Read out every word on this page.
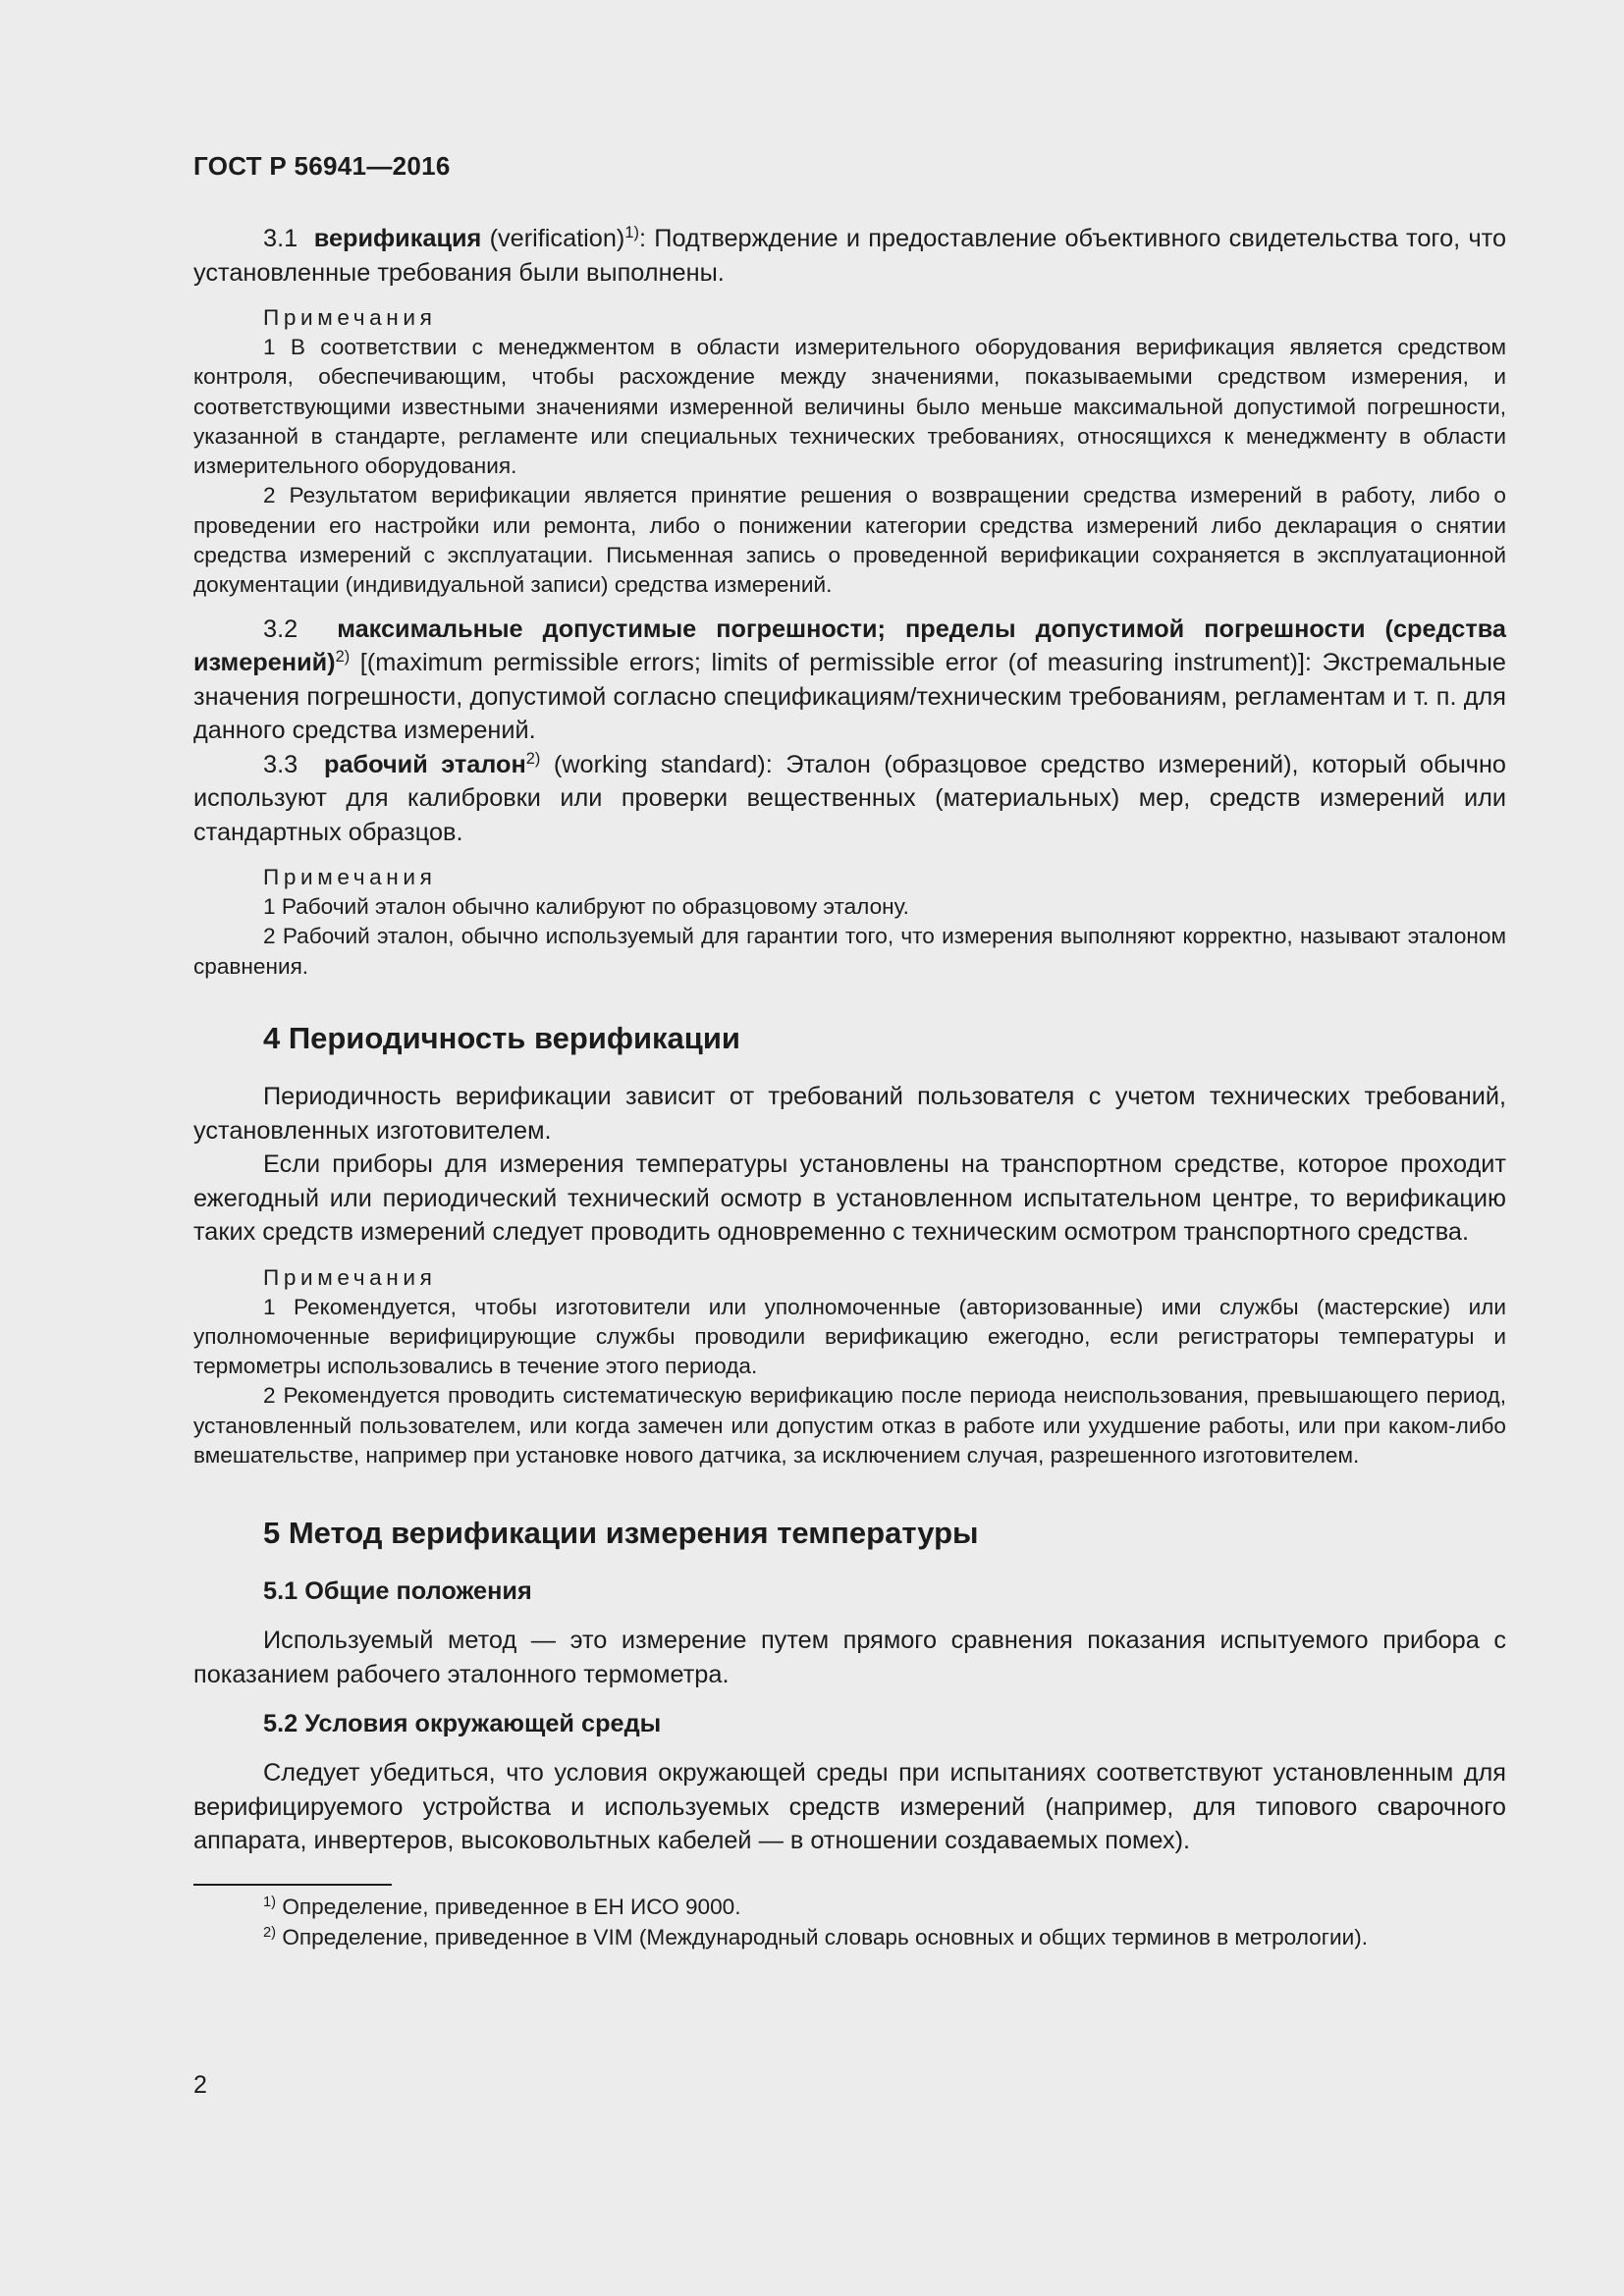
ГОСТ Р 56941—2016

3.1 верификация (verification)$^{1)}$: Подтверждение и предоставление объективного свидетельства того, что установленные требования были выполнены.

Примечания

1 В соответствии с менеджментом в области измерительного оборудования верификация является средством контроля, обеспечивающим, чтобы расхождение между значениями, показываемыми средством измерения, и соответствующими известными значениями измеренной величины было меньше максимальной допустимой погрешности, указанной в стандарте, регламенте или специальных технических требованиях, относящихся к менеджменту в области измерительного оборудования.

2 Результатом верификации является принятие решения о возвращении средства измерений в работу, либо о проведении его настройки или ремонта, либо о понижении категории средства измерений либо декларация о снятии средства измерений с эксплуатации. Письменная запись о проведенной верификации сохраняется в эксплуатационной документации (индивидуальной записи) средства измерений.

3.2 максимальные допустимые погрешности; пределы допустимой погрешности (средства измерений)$^{2)}$ [(maximum permissible errors; limits of permissible error (of measuring instrument)]: Экстремальные значения погрешности, допустимой согласно спецификациям/техническим требованиям, регламентам и т. п. для данного средства измерений.

3.3 рабочий эталон$^{2)}$ (working standard): Эталон (образцовое средство измерений), который обычно используют для калибровки или проверки вещественных (материальных) мер, средств измерений или стандартных образцов.

Примечания

1 Рабочий эталон обычно калибруют по образцовому эталону.

2 Рабочий эталон, обычно используемый для гарантии того, что измерения выполняют корректно, называют эталоном сравнения.

4 Периодичность верификации

Периодичность верификации зависит от требований пользователя с учетом технических требований, установленных изготовителем.

Если приборы для измерения температуры установлены на транспортном средстве, которое проходит ежегодный или периодический технический осмотр в установленном испытательном центре, то верификацию таких средств измерений следует проводить одновременно с техническим осмотром транспортного средства.

Примечания

1 Рекомендуется, чтобы изготовители или уполномоченные (авторизованные) ими службы (мастерские) или уполномоченные верифицирующие службы проводили верификацию ежегодно, если регистраторы температуры и термометры использовались в течение этого периода.

2 Рекомендуется проводить систематическую верификацию после периода неиспользования, превышающего период, установленный пользователем, или когда замечен или допустим отказ в работе или ухудшение работы, или при каком-либо вмешательстве, например при установке нового датчика, за исключением случая, разрешенного изготовителем.

5 Метод верификации измерения температуры

5.1 Общие положения

Используемый метод — это измерение путем прямого сравнения показания испытуемого прибора с показанием рабочего эталонного термометра.

5.2 Условия окружающей среды

Следует убедиться, что условия окружающей среды при испытаниях соответствуют установленным для верифицируемого устройства и используемых средств измерений (например, для типового сварочного аппарата, инвертеров, высоковольтных кабелей — в отношении создаваемых помех).

$^{1)}$ Определение, приведенное в ЕН ИСО 9000.

$^{2)}$ Определение, приведенное в VIM (Международный словарь основных и общих терминов в метрологии).

2
